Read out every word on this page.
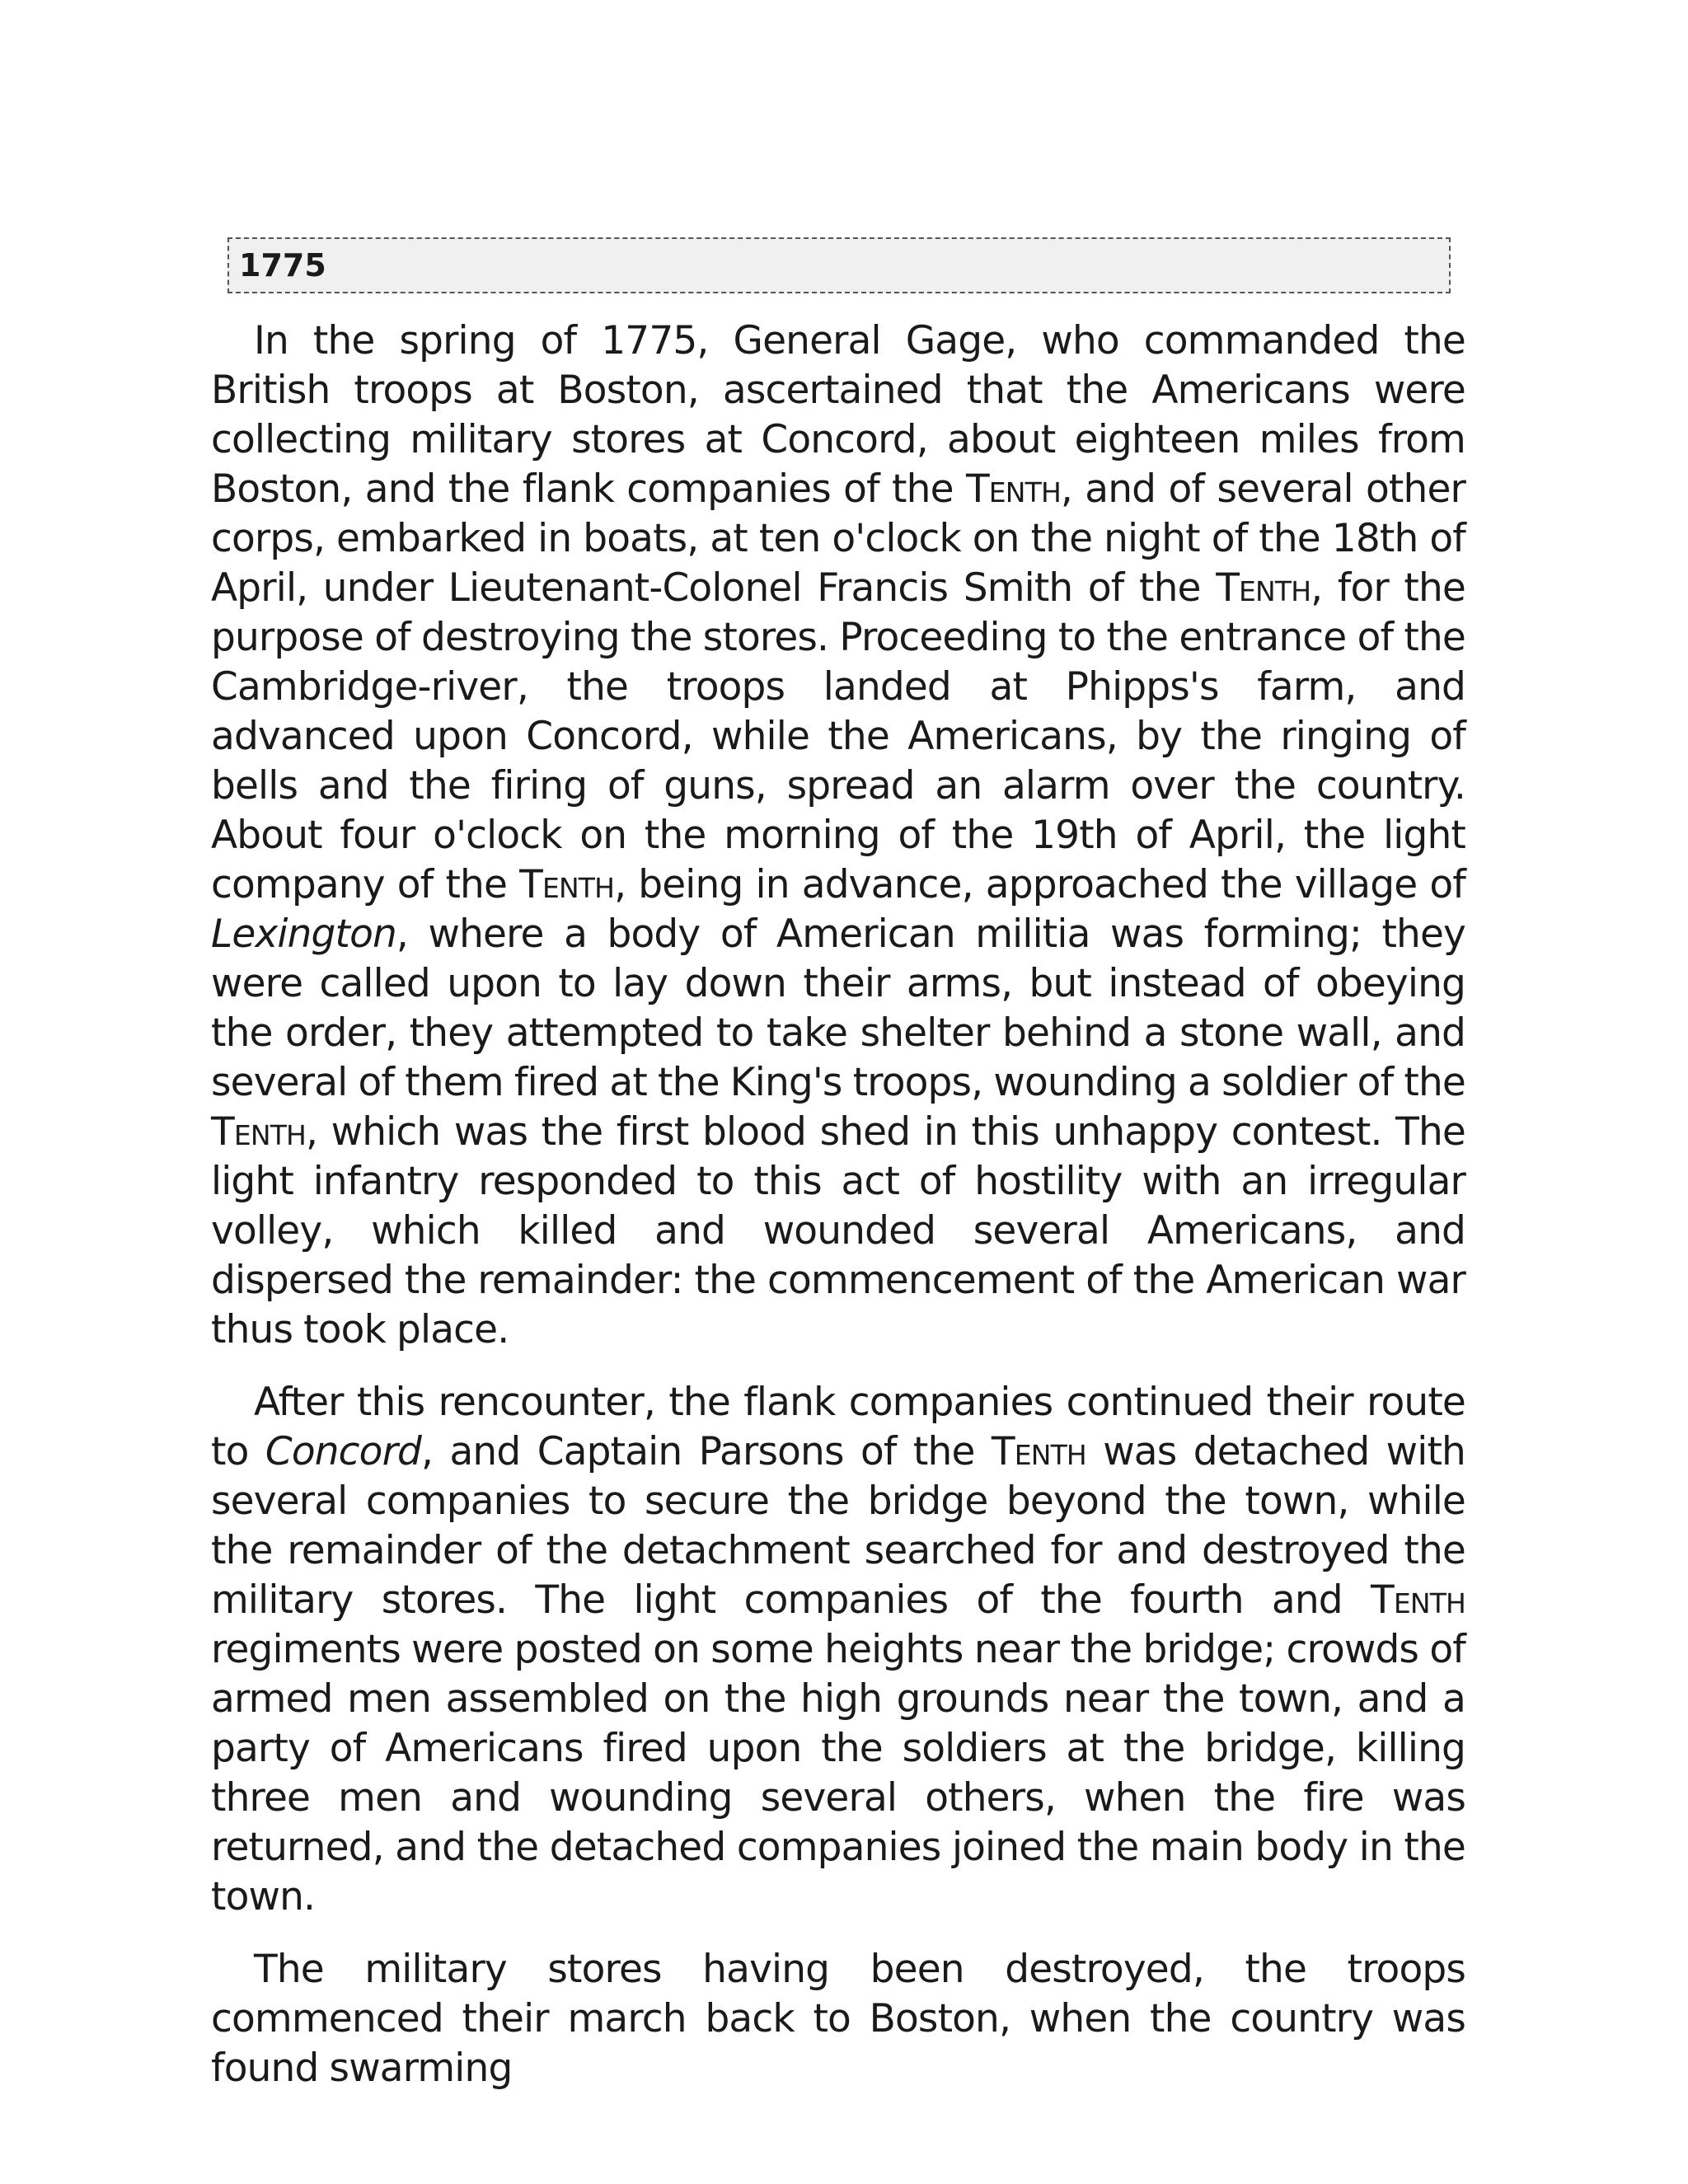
1775

In the spring of 1775, General Gage, who commanded the British troops at Boston, ascertained that the Americans were collecting military stores at Concord, about eighteen miles from Boston, and the flank companies of the Tenth, and of several other corps, embarked in boats, at ten o'clock on the night of the 18th of April, under Lieutenant-Colonel Francis Smith of the Tenth, for the purpose of destroying the stores. Proceeding to the entrance of the Cambridge-river, the troops landed at Phipps's farm, and advanced upon Concord, while the Americans, by the ringing of bells and the firing of guns, spread an alarm over the country. About four o'clock on the morning of the 19th of April, the light company of the Tenth, being in advance, approached the village of Lexington, where a body of American militia was forming; they were called upon to lay down their arms, but instead of obeying the order, they attempted to take shelter behind a stone wall, and several of them fired at the King's troops, wounding a soldier of the Tenth, which was the first blood shed in this unhappy contest. The light infantry responded to this act of hostility with an irregular volley, which killed and wounded several Americans, and dispersed the remainder: the commencement of the American war thus took place.

After this rencounter, the flank companies continued their route to Concord, and Captain Parsons of the Tenth was detached with several companies to secure the bridge beyond the town, while the remainder of the detachment searched for and destroyed the military stores. The light companies of the fourth and Tenth regiments were posted on some heights near the bridge; crowds of armed men assembled on the high grounds near the town, and a party of Americans fired upon the soldiers at the bridge, killing three men and wounding several others, when the fire was returned, and the detached companies joined the main body in the town.

The military stores having been destroyed, the troops commenced their march back to Boston, when the country was found swarming
